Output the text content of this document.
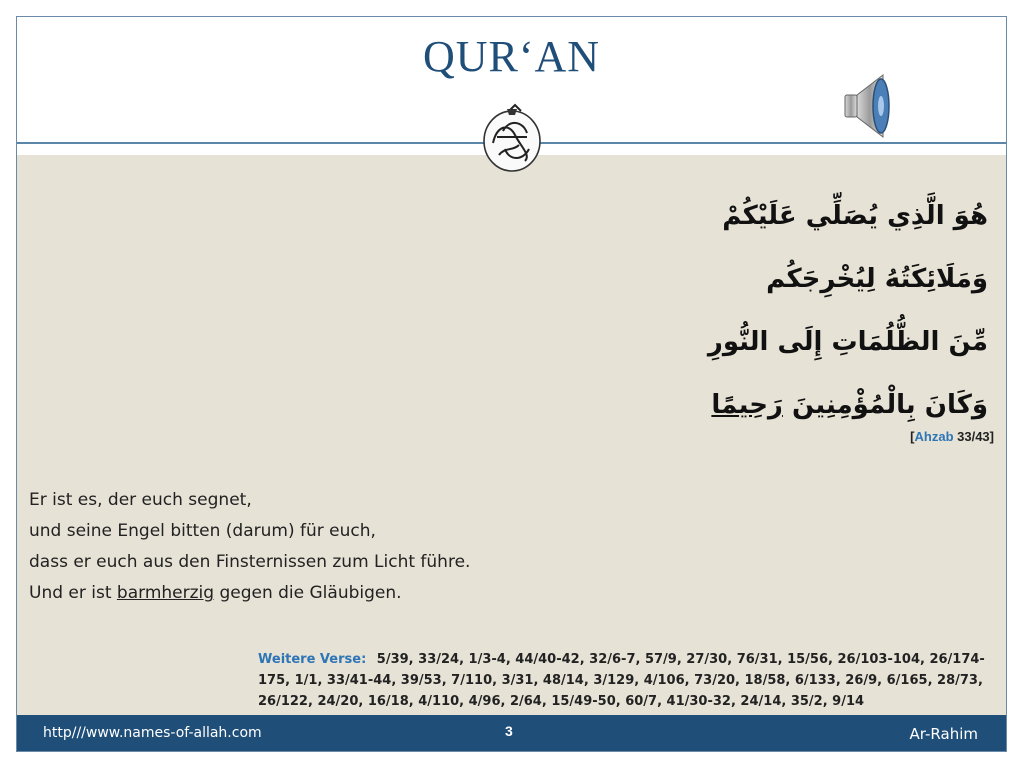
QUR‘AN
هُوَ الَّذِي يُصَلِّي عَلَيْكُمْ
وَمَلَائِكَتُهُ لِيُخْرِجَكُم
مِّنَ الظُّلُمَاتِ إِلَى النُّورِ
وَكَانَ بِالْمُؤْمِنِينَ رَحِيمًا
[Ahzab 33/43]
Er ist es, der euch segnet,
und seine Engel bitten (darum) für euch,
dass er euch aus den Finsternissen zum Licht führe.
Und er ist barmherzig gegen die Gläubigen.
Weitere Verse: 5/39, 33/24, 1/3-4, 44/40-42, 32/6-7, 57/9, 27/30, 76/31, 15/56, 26/103-104, 26/174-175, 1/1, 33/41-44, 39/53, 7/110, 3/31, 48/14, 3/129, 4/106, 73/20, 18/58, 6/133, 26/9, 6/165, 28/73, 26/122, 24/20, 16/18, 4/110, 4/96, 2/64, 15/49-50, 60/7, 41/30-32, 24/14, 35/2, 9/14
http///www.names-of-allah.com	3	Ar-Rahim
